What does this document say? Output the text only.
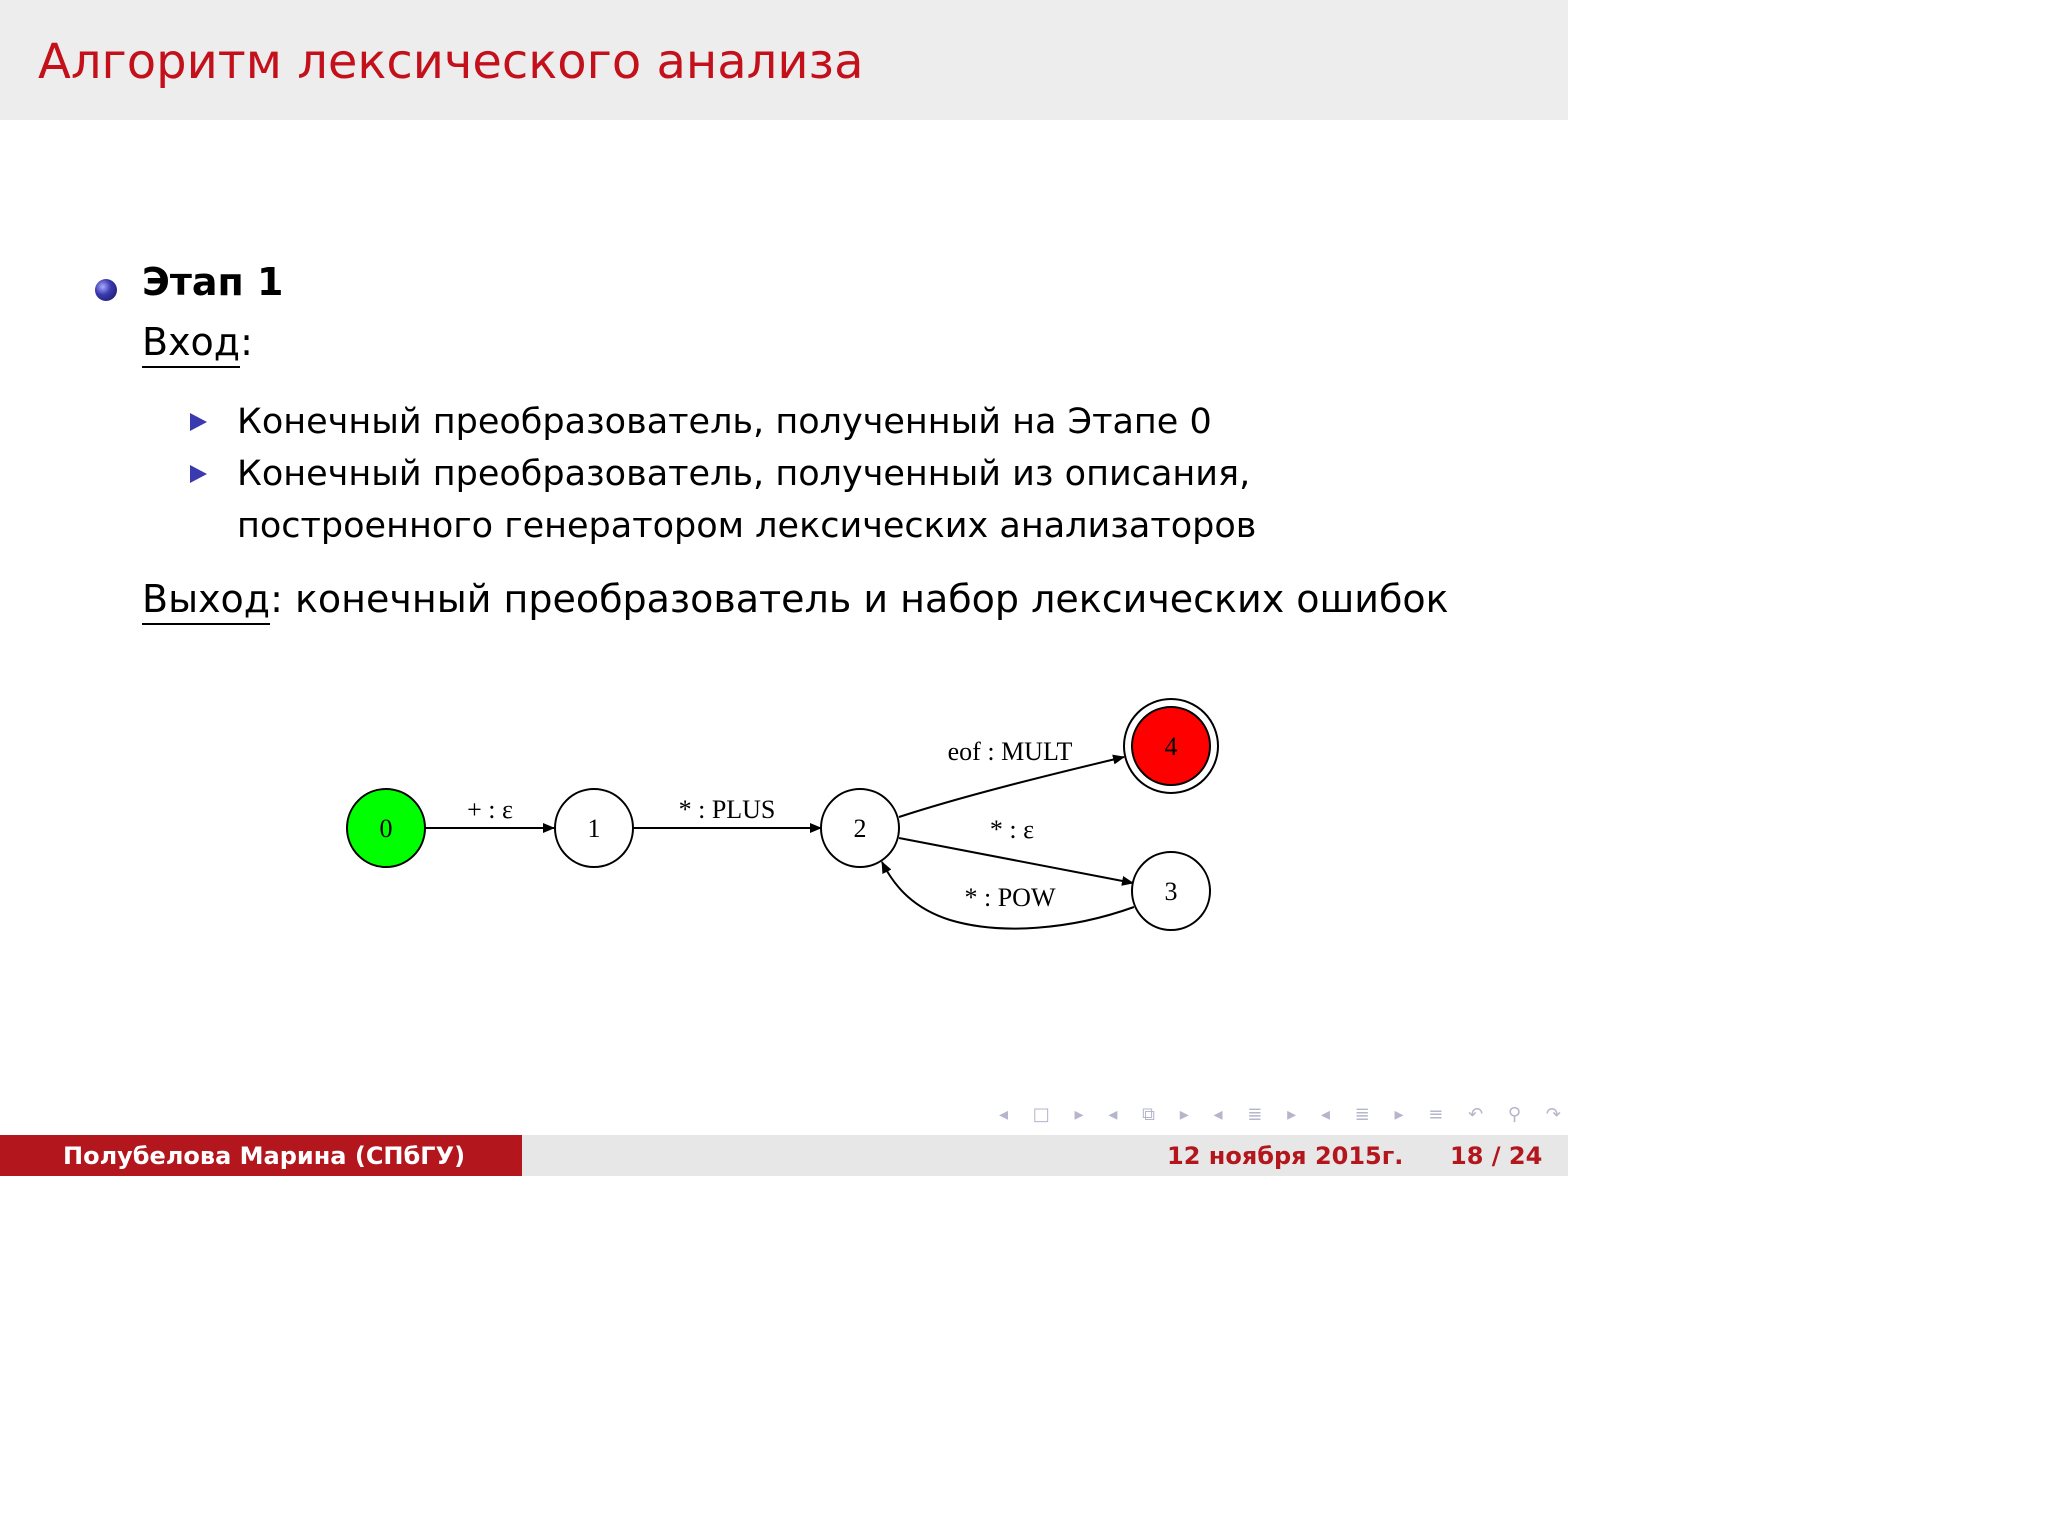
Алгоритм лексического анализа
Этап 1
Вход:
Конечный преобразователь, полученный на Этапе 0
Конечный преобразователь, полученный из описания, построенного генератором лексических анализаторов
Выход: конечный преобразователь и набор лексических ошибок
+ : ε	* : PLUS
eof : MULT
* : ε
* : POW
0	1	2
3
4
◂ □ ▸ ◂ ⧉ ▸ ◂ ≣ ▸ ◂ ≣ ▸ ≡ ↶ ⚲ ↷
Полубелова Марина (СПбГУ)	12 ноября 2015г. 18 / 24
